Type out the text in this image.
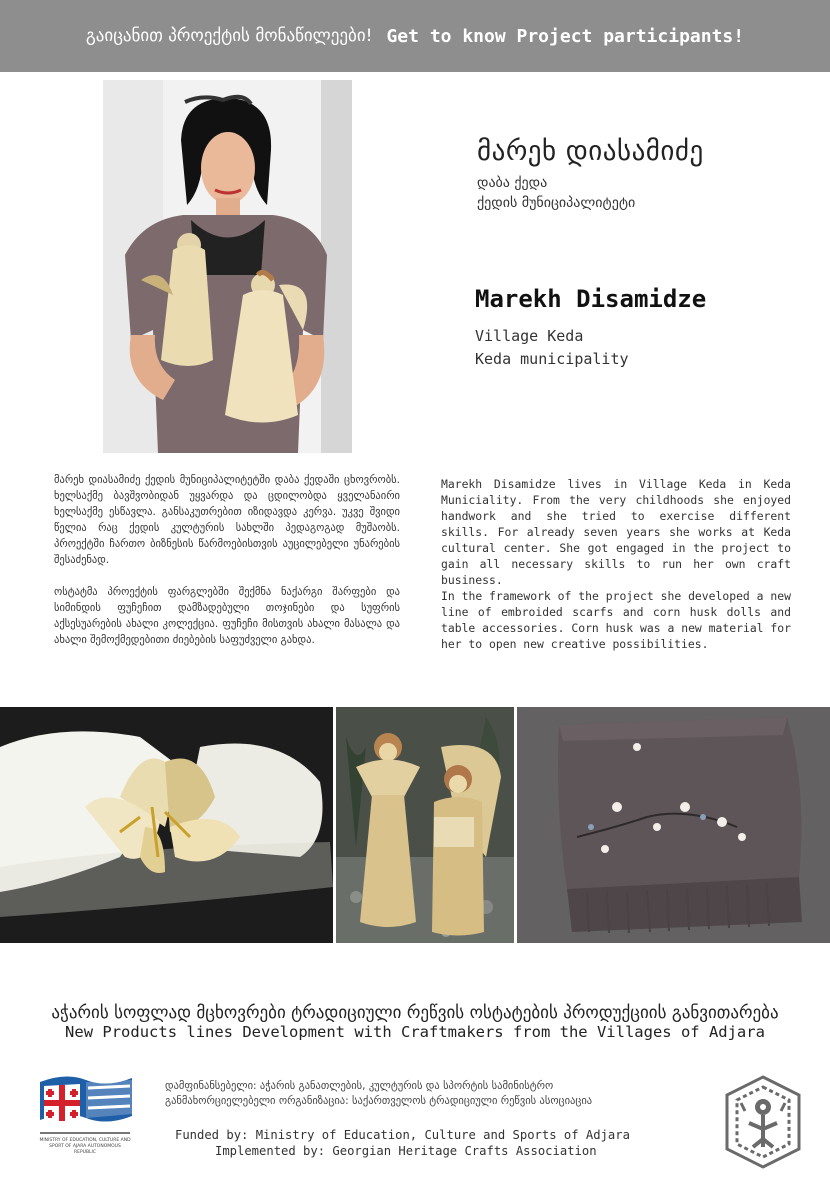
გაიცანით პროექტის მონაწილეები! Get to know Project participants!
მარეხ დიასამიძე
დაბა ქედა
ქედის მუნიციპალიტეტი
Marekh Disamidze
Village Keda
Keda municipality

მარეხ დიასამიძე ქედის მუნიციპალიტეტში დაბა ქედაში ცხოვრობს. ხელსაქმე ბავშვობიდან უყვარდა და ცდილობდა ყველანაირი ხელსაქმე ესწავლა. განსაკუთრებით იზიდავდა კერვა. უკვე შვიდი წელია რაც ქედის კულტურის სახლში პედაგოგად მუშაობს. პროექტში ჩართო ბიზნესის წარმოებისთვის აუცილებელი უნარების შესაძენად.

ოსტატმა პროექტის ფარგლებში შექმნა ნაქარგი შარფები და სიმინდის ფუჩეჩით დამზადებული თოჯინები და სუფრის აქსესუარების ახალი კოლექცია. ფუჩეჩი მისთვის ახალი მასალა და ახალი შემოქმედებითი ძიებების საფუძველი გახდა.

Marekh Disamidze lives in Village Keda in Keda Municiality. From the very childhoods she enjoyed handwork and she tried to exercise different skills. For already seven years she works at Keda cultural center. She got engaged in the project to gain all necessary skills to run her own craft business.
In the framework of the project she developed a new line of embroided scarfs and corn husk dolls and table accessories. Corn husk was a new material for her to open new creative possibilities.
აჭარის სოფლად მცხოვრები ტრადიციული რეწვის ოსტატების პროდუქციის განვითარება
New Products lines Development with Craftmakers from the Villages of Adjara
MINISTRY OF EDUCATION, CULTURE AND SPORT OF AJARA AUTONOMOUS REPUBLIC
დამფინანსებელი: აჭარის განათლების, კულტურის და სპორტის სამინისტრო
განმახორციელებელი ორგანიზაცია: საქართველოს ტრადიციული რეწვის ასოციაცია
Funded by: Ministry of Education, Culture and Sports of Adjara
Implemented by: Georgian Heritage Crafts Association
